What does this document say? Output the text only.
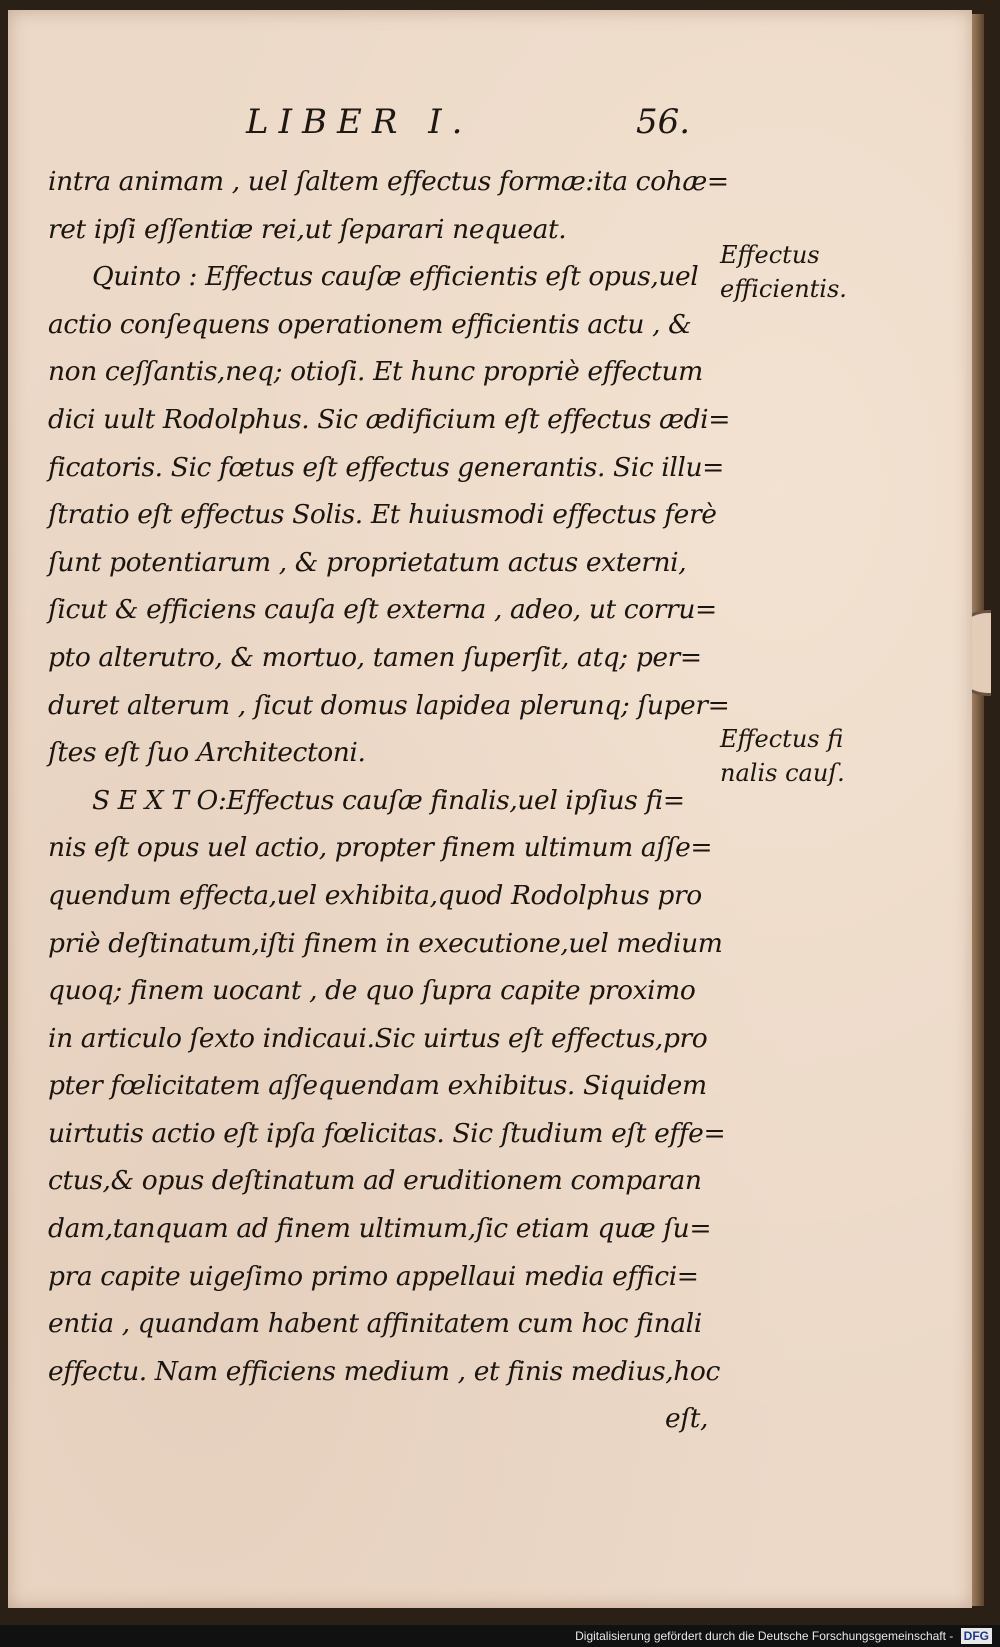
LIBER I.	56.
intra animam , uel ſaltem effectus formæ:ita cohæ=
ret ipſi eſſentiæ rei,ut ſeparari nequeat.
Quinto : Effectus cauſæ efficientis eſt opus,uel
actio conſequens operationem efficientis actu , &
non ceſſantis,neq; otioſi. Et hunc propriè effectum
dici uult Rodolphus. Sic ædificium eſt effectus ædi=
ficatoris. Sic fœtus eſt effectus generantis. Sic illu=
ſtratio eſt effectus Solis. Et huiusmodi effectus ferè
ſunt potentiarum , & proprietatum actus externi,
ſicut & efficiens cauſa eſt externa , adeo, ut corru=
pto alterutro, & mortuo, tamen ſuperſit, atq; per=
duret alterum , ſicut domus lapidea plerunq; ſuper=
ſtes eſt ſuo Architectoni.
S E X T O:Effectus cauſæ finalis,uel ipſius fi=
nis eſt opus uel actio, propter finem ultimum aſſe=
quendum effecta,uel exhibita,quod Rodolphus pro
priè deſtinatum,iſti finem in executione,uel medium
quoq; finem uocant , de quo ſupra capite proximo
in articulo ſexto indicaui.Sic uirtus eſt effectus,pro
pter fœlicitatem aſſequendam exhibitus. Siquidem
uirtutis actio eſt ipſa fœlicitas. Sic ſtudium eſt effe=
ctus,& opus deſtinatum ad eruditionem comparan
dam,tanquam ad finem ultimum,ſic etiam quæ ſu=
pra capite uigeſimo primo appellaui media effici=
entia , quandam habent affinitatem cum hoc finali
effectu. Nam efficiens medium , et finis medius,hoc
eſt,
Effectus
efficientis.
Effectus fi
nalis cauſ.
Digitalisierung gefördert durch die Deutsche Forschungsgemeinschaft - DFG
